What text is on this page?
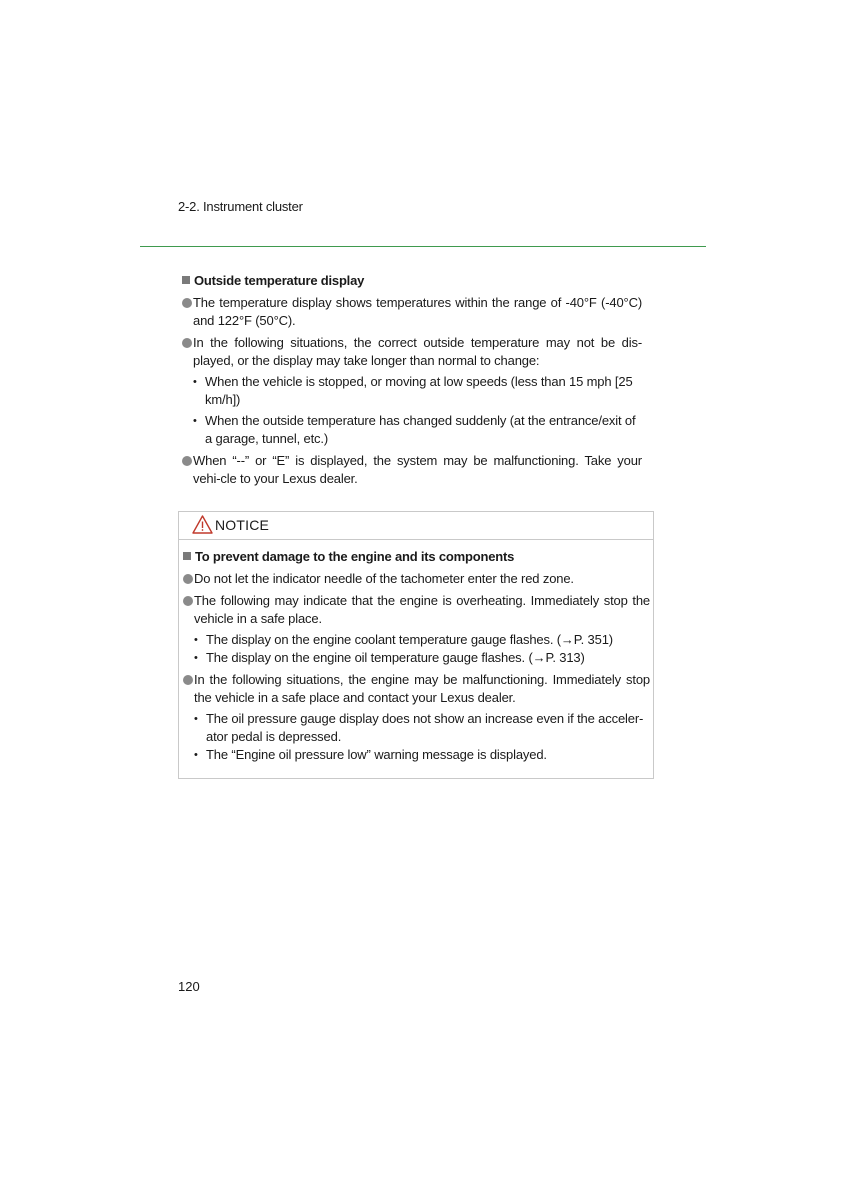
2-2. Instrument cluster
Outside temperature display
The temperature display shows temperatures within the range of -40°F (-40°C) and 122°F (50°C).
In the following situations, the correct outside temperature may not be dis-played, or the display may take longer than normal to change:
• When the vehicle is stopped, or moving at low speeds (less than 15 mph [25 km/h])
• When the outside temperature has changed suddenly (at the entrance/exit of a garage, tunnel, etc.)
When “--” or “E” is displayed, the system may be malfunctioning. Take your vehi-cle to your Lexus dealer.
NOTICE
To prevent damage to the engine and its components
Do not let the indicator needle of the tachometer enter the red zone.
The following may indicate that the engine is overheating. Immediately stop the vehicle in a safe place.
• The display on the engine coolant temperature gauge flashes. (→P. 351)
• The display on the engine oil temperature gauge flashes. (→P. 313)
In the following situations, the engine may be malfunctioning. Immediately stop the vehicle in a safe place and contact your Lexus dealer.
• The oil pressure gauge display does not show an increase even if the acceler-ator pedal is depressed.
• The “Engine oil pressure low” warning message is displayed.
120
